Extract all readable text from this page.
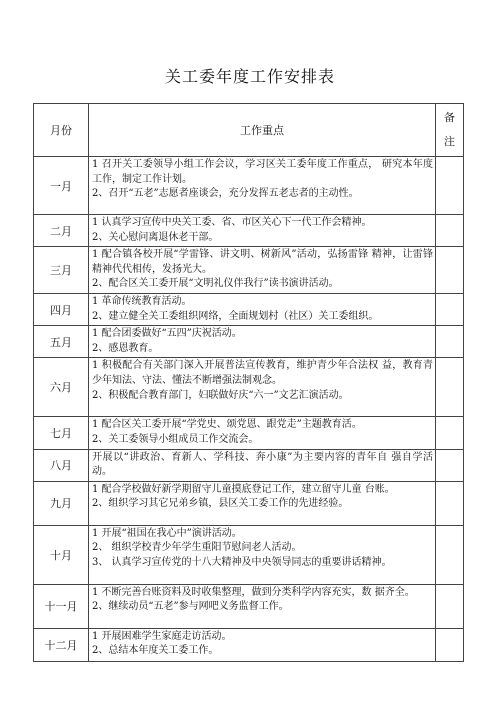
关工委年度工作安排表
月份	工作重点	备
注
一月	1 召开关工委领导小组工作会议，学习区关工委年度工作重点， 研究本年度工作，制定工作计划。
2、召开“五老”志愿者座谈会，充分发挥五老志者的主动性。	

二月	1 认真学习宣传中央关工委、省、市区关心下一代工作会精神。
2、关心慰问离退休老干部。	

三月	1 配合镇各校开展“学雷锋、讲文明、树新风”活动，弘扬雷锋 精神，让雷锋精神代代相传，发扬光大。
2、配合区关工委开展“文明礼仪伴我行”读书演讲活动。	

四月	1 革命传统教育活动。
2、建立健全关工委组织网络，全面规划村（社区）关工委组织。	

五月	1 配合团委做好“五四”庆祝活动。
2、感恩教育。	

六月	1 积极配合有关部门深入开展普法宣传教育，维护青少年合法权 益，教育青少年知法、守法、懂法不断增强法制观念。
2、积极配合教育部门，妇联做好庆“六一”文艺汇演活动。	

七月	1 配合区关工委开展“学党史、颂党恩、跟党走”主题教育活。
2、关工委领导小组成员工作交流会。	

八月	开展以“讲政治、育新人、学科技、奔小康”为主要内容的青年自 强自学活动。	

九月	1 配合学校做好新学期留守儿童摸底登记工作，建立留守儿童 台账。
2、组织学习其它兄弟乡镇，县区关工委工作的先进经验。	

十月	1 开展“祖国在我心中”演讲活动。
2、 组织学校青少年学生重阳节慰问老人活动。
3、 认真学习宣传党的十八大精神及中央领导同志的重要讲话精神。	

十一月	1 不断完善台账资料及时收集整理，做到分类科学内容充实，数 据齐全。
2、继续动员“五老”参与网吧义务监督工作。	

十二月	1 开展困难学生家庭走访活动。
2、总结本年度关工委工作。	
